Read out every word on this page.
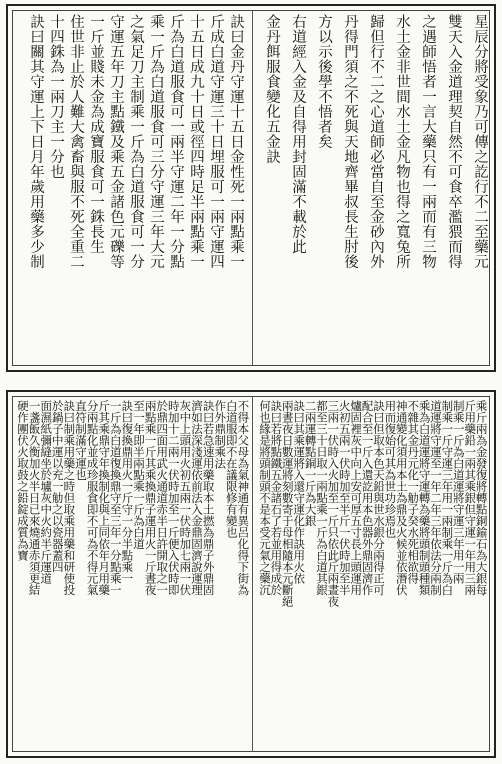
星辰分將受象乃可傳之訖行不二至藥元
雙天入金道理契自然不可食卒濫猥而得
之遇師悟者一言大藥只有一兩而有三物
水土金非世間水土金凡物也得之寬兔所
歸但行不二之心道師必當自至金砂內外
丹得門須之不死與天地齊畢叔長生肘後
方以示後學不悟者矣
右道經入金及自得用封固滿不載於此
金丹餌服食變化五金訣
訣曰金丹守運十五日金性死一兩點乘一
斤成白道守運三十日埋服可一兩守運四
十五日成九十日或徑四時足半兩點乘一
斤為白道服食可一兩半守運二年一分點
乘一斤為白道服食可三分守運三年大元
之氣足刀主制乘一斤為白道服食可一分
守運五年刀主點鐵及乘五金諸色元礫等
一斤並賤未金為成寶服食可一銖長生
住世非止於人難大禽畜與服不死全重二
十四銖為一兩刀主一分也
訣曰關其守運上下日月年歲用藥多少制
乘斤兩為金發復將轉點銅鍮石為大銀每
斤用藥鉛一兩其乘銀但守運一年用三兩
制乘一斤為白道運將守運三年用一兩
制乘一斤守運三年用一兩制乘一斤為白
道運將守運至一年二年三年依法分兩制
乘為白道運將守運轉為藥將頭制頭種類
不雜其金丹元化一觔子癸水死相欲得
神通變化須用本土為鼎及火候並依潛伏
用而復始可其為世功珍焉也
訣曰但取本色天鉛與世水銀分兩得正可
配合至一斤入還訖用本色器外鼎固濟作
爐固裡灰中向上安可厚五寸長上頭運用
火初五兩一伏時加至半斤一伏時加至半
三兩一伏時入火加至一斤只依此斤兩晝夜
都至三十日取一兩點乘一斤為白道其銀
二兩運轉點銅一斤為大銀
訣曰其乘運將入還守運化作訣用火依
兩晝夜日數運將刻數寄于母相隨本元斷絕
訣曰若將點鐵五金諸石了若並用得成於
何也緣是將頭制頭不是本受元氣之藥沉
不得本父母為氣神通有異呂化得下街為
白道服即不在議限修有變也
作外鼎制乘法
訣曰若急速用藥取本土撚為鼎子外鼎固
濟如法深淺運依前法入金鼎固濟說運理
灰中上頭用火初五兩一伏時加七兩一伏
時加十二兩一伏時加至一斤便入伏時即
於鼎四面用武火通道赤半日許開取之一
兩點乘一斤其乘換鼎子運用火一斤晝夜
至一年即半兩點乘一斤為白道
訣曰復換鼎用火一斤守一分半點乘一
一斤為白道復換鼎守至三年一分點乘一
斤其乘鼎守年換制化與上同依年月用藥
分兩點化並成珍服食即不可為不得元氣
直符制滿守運也
訣曰制乘用藥之時但取乘用藥和研使投
於鍋子中運以充一觔之以瓷器蓋四
面濕紙彌縫坐於壚灰中火約半斤運道
一盞飯久衡加火半日已來燒通赤須更結
硬作團伏火取鼓之鉛錠成質為寶
